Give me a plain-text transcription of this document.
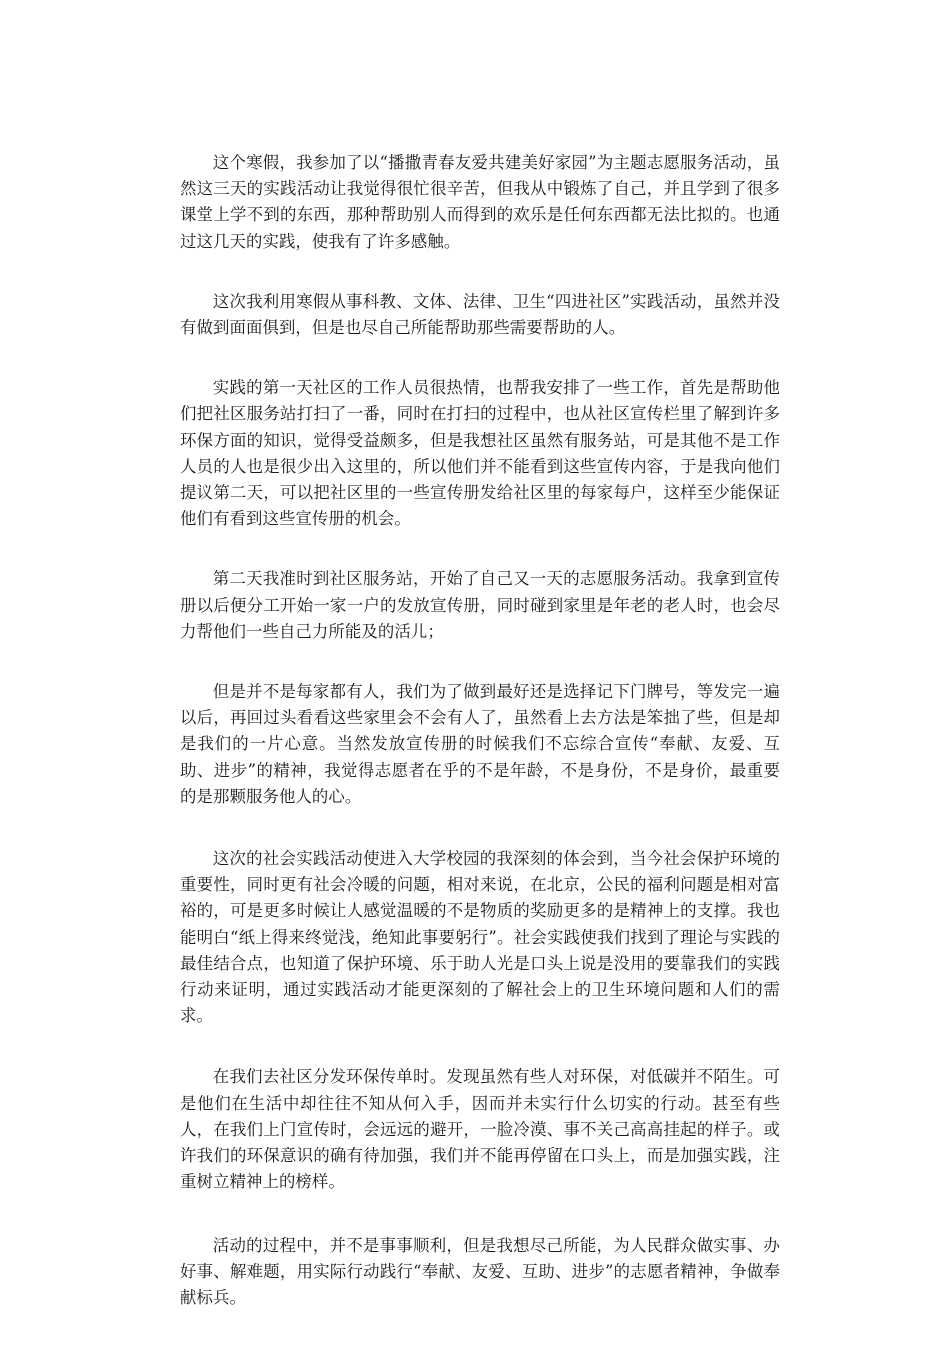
这个寒假，我参加了以“播撒青春友爱共建美好家园”为主题志愿服务活动，虽然这三天的实践活动让我觉得很忙很辛苦，但我从中锻炼了自己，并且学到了很多课堂上学不到的东西，那种帮助别人而得到的欢乐是任何东西都无法比拟的。也通过这几天的实践，使我有了许多感触。

这次我利用寒假从事科教、文体、法律、卫生“四进社区”实践活动，虽然并没有做到面面俱到，但是也尽自己所能帮助那些需要帮助的人。

实践的第一天社区的工作人员很热情，也帮我安排了一些工作，首先是帮助他们把社区服务站打扫了一番，同时在打扫的过程中，也从社区宣传栏里了解到许多环保方面的知识，觉得受益颇多，但是我想社区虽然有服务站，可是其他不是工作人员的人也是很少出入这里的，所以他们并不能看到这些宣传内容，于是我向他们提议第二天，可以把社区里的一些宣传册发给社区里的每家每户，这样至少能保证他们有看到这些宣传册的机会。

第二天我准时到社区服务站，开始了自己又一天的志愿服务活动。我拿到宣传册以后便分工开始一家一户的发放宣传册，同时碰到家里是年老的老人时，也会尽力帮他们一些自己力所能及的活儿；

但是并不是每家都有人，我们为了做到最好还是选择记下门牌号，等发完一遍以后，再回过头看看这些家里会不会有人了，虽然看上去方法是笨拙了些，但是却是我们的一片心意。当然发放宣传册的时候我们不忘综合宣传“奉献、友爱、互助、进步”的精神，我觉得志愿者在乎的不是年龄，不是身份，不是身价，最重要的是那颗服务他人的心。

这次的社会实践活动使进入大学校园的我深刻的体会到，当今社会保护环境的重要性，同时更有社会冷暖的问题，相对来说，在北京，公民的福利问题是相对富裕的，可是更多时候让人感觉温暖的不是物质的奖励更多的是精神上的支撑。我也能明白“纸上得来终觉浅，绝知此事要躬行”。社会实践使我们找到了理论与实践的最佳结合点，也知道了保护环境、乐于助人光是口头上说是没用的要靠我们的实践行动来证明，通过实践活动才能更深刻的了解社会上的卫生环境问题和人们的需求。

在我们去社区分发环保传单时。发现虽然有些人对环保，对低碳并不陌生。可是他们在生活中却往往不知从何入手，因而并未实行什么切实的行动。甚至有些人，在我们上门宣传时，会远远的避开，一脸冷漠、事不关己高高挂起的样子。或许我们的环保意识的确有待加强，我们并不能再停留在口头上，而是加强实践，注重树立精神上的榜样。

活动的过程中，并不是事事顺利，但是我想尽己所能，为人民群众做实事、办好事、解难题，用实际行动践行“奉献、友爱、互助、进步”的志愿者精神，争做奉献标兵。
